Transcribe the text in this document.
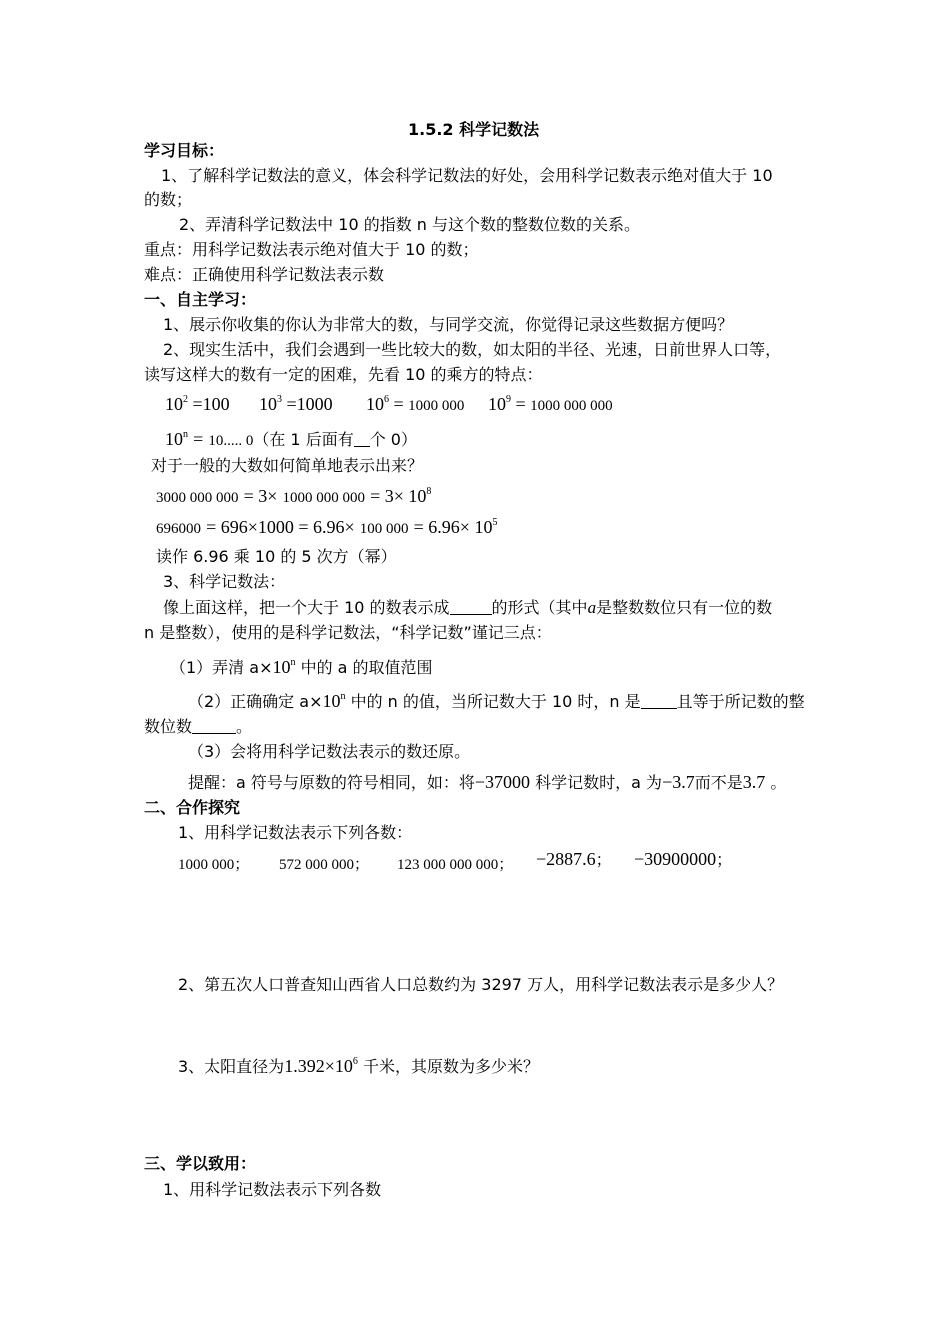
1.5.2 科学记数法
学习目标：
1、了解科学记数法的意义，体会科学记数法的好处，会用科学记数表示绝对值大于 10
的数；
2、弄清科学记数法中 10 的指数 n 与这个数的整数位数的关系。
重点：用科学记数法表示绝对值大于 10 的数；
难点：正确使用科学记数法表示数
一、自主学习：
1、展示你收集的你认为非常大的数，与同学交流，你觉得记录这些数据方便吗？
2、现实生活中，我们会遇到一些比较大的数，如太阳的半径、光速，日前世界人口等，
读写这样大的数有一定的困难，先看 10 的乘方的特点：
$10^2 =100$ $10^3 =1000$ $10^6 = 1000$ 000 $10^9 = 1000$ 000 000
$10^n = 10$..... 0（在 1 后面有 个 0）
对于一般的大数如何简单地表示出来？
3000 000 000 = 3× 1000 000 $000 = 3\times 10^8$
696000 = 696×1000 = 6.96× 100 $000 = 6.96\times 10^5$
读作 6.96 乘 10 的 5 次方（幂）
3、科学记数法：
像上面这样，把一个大于 10 的数表示成	的形式（其中a是整数数位只有一位的数
n 是整数），使用的是科学记数法，“科学记数”谨记三点：
（1）弄清 $a\times 10^n$ 中的 a 的取值范围
（2）正确确定 $a\times 10^n$ 中的 n 的值，当所记数大于 10 时，n 是 且等于所记数的整
数位数	。
（3）会将用科学记数法表示的数还原。
提醒：a 符号与原数的符号相同，如：将−37000 科学记数时，a 为−3.7而不是3.7 。
二、合作探究
1、用科学记数法表示下列各数：
1000 000； 572 000 000； 123 000 000 000； −2887.6； −30900000；
2、第五次人口普查知山西省人口总数约为 3297 万人，用科学记数法表示是多少人？
3、太阳直径为$1.392\times 10^6$ 千米，其原数为多少米？
三、学以致用：
1、用科学记数法表示下列各数
